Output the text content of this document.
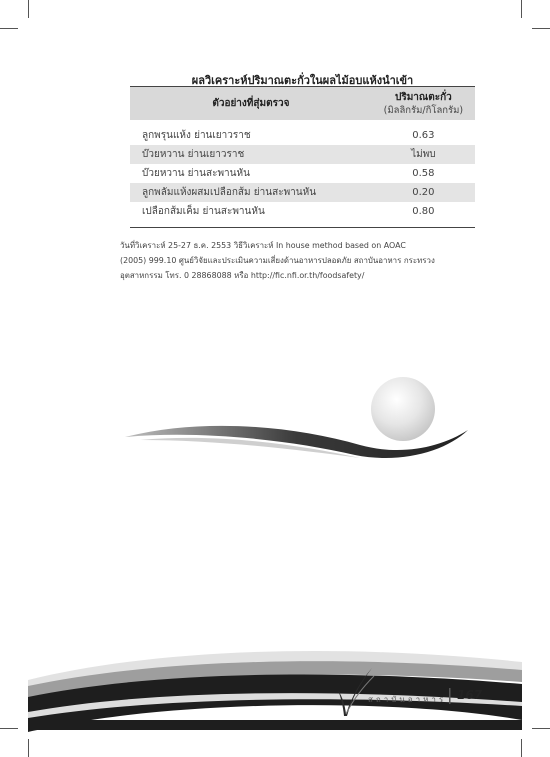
ผลวิเคราะห์ปริมาณตะกั่วในผลไม้อบแห้งนำเข้า
ตัวอย่างที่สุ่มตรวจ	ปริมาณตะกั่ว
	(มิลลิกรัม/กิโลกรัม)

ลูกพรุนแห้ง ย่านเยาวราช	0.63
บ๊วยหวาน ย่านเยาวราช	ไม่พบ
บ๊วยหวาน ย่านสะพานหัน	0.58
ลูกพลัมแห้งผสมเปลือกส้ม ย่านสะพานหัน	0.20
เปลือกส้มเค็ม ย่านสะพานหัน	0.80

วันที่วิเคราะห์ 25-27 ธ.ค. 2553 วิธีวิเคราะห์ In house method based on AOAC
(2005) 999.10 ศูนย์วิจัยและประเมินความเสี่ยงด้านอาหารปลอดภัย สถาบันอาหาร กระทรวง
อุตสาหกรรม โทร. 0 28868088 หรือ http://fic.nfi.or.th/foodsafety/
สถาบันอาหาร 167
